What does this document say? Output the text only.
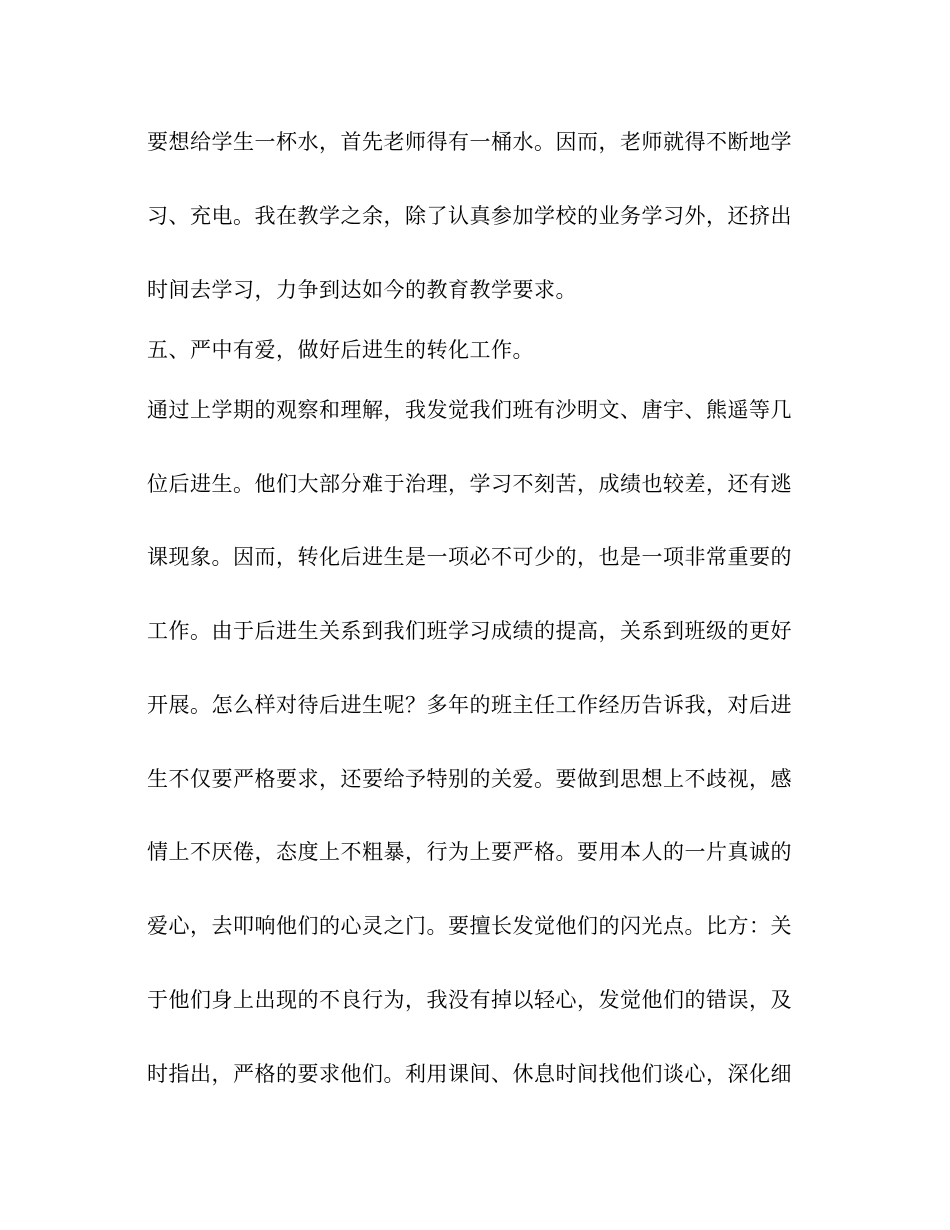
要想给学生一杯水，首先老师得有一桶水。因而，老师就得不断地学
习、充电。我在教学之余，除了认真参加学校的业务学习外，还挤出
时间去学习，力争到达如今的教育教学要求。
五、严中有爱，做好后进生的转化工作。
通过上学期的观察和理解，我发觉我们班有沙明文、唐宇、熊遥等几
位后进生。他们大部分难于治理，学习不刻苦，成绩也较差，还有逃
课现象。因而，转化后进生是一项必不可少的，也是一项非常重要的
工作。由于后进生关系到我们班学习成绩的提高，关系到班级的更好
开展。怎么样对待后进生呢？多年的班主任工作经历告诉我，对后进
生不仅要严格要求，还要给予特别的关爱。要做到思想上不歧视，感
情上不厌倦，态度上不粗暴，行为上要严格。要用本人的一片真诚的
爱心，去叩响他们的心灵之门。要擅长发觉他们的闪光点。比方：关
于他们身上出现的不良行为，我没有掉以轻心，发觉他们的错误，及
时指出，严格的要求他们。利用课间、休息时间找他们谈心，深化细
